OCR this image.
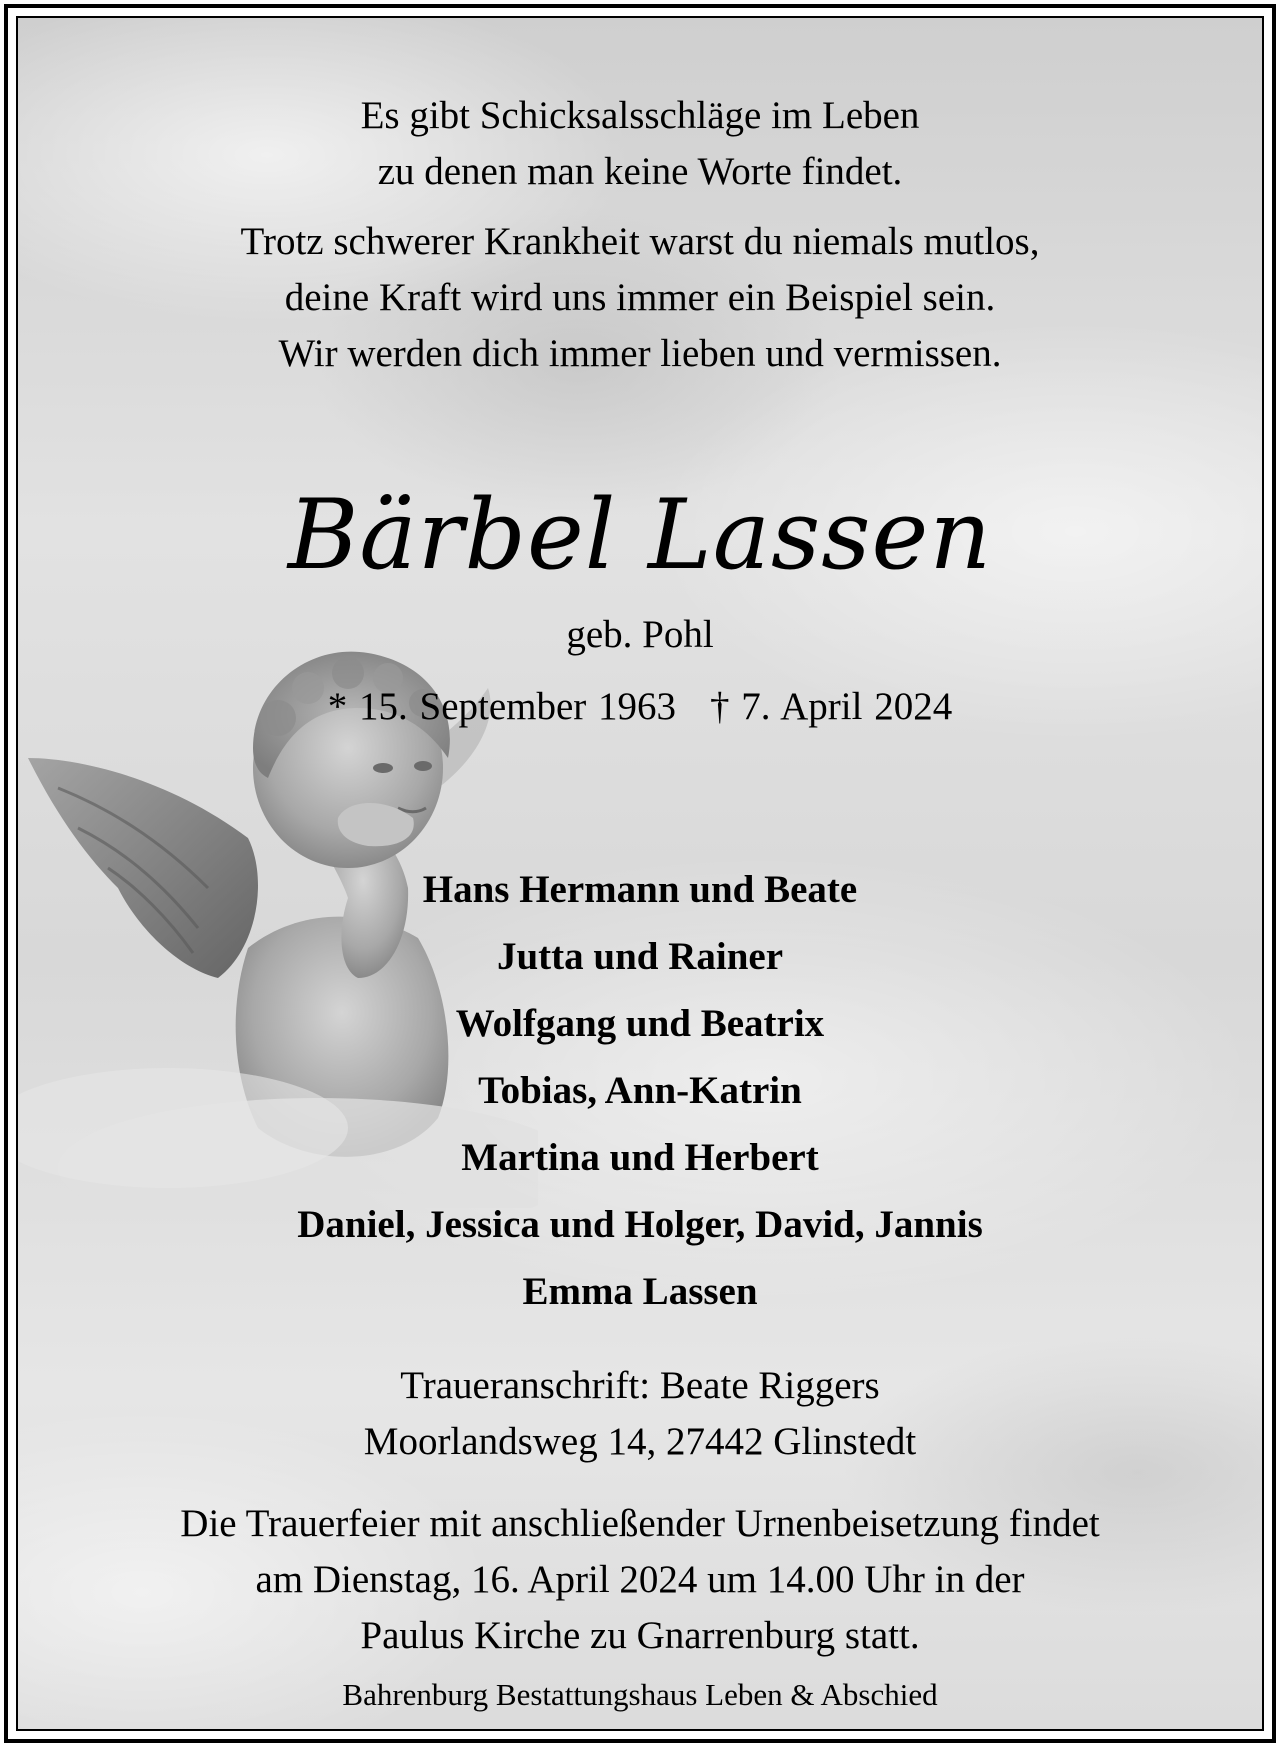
Es gibt Schicksalsschläge im Leben

zu denen man keine Worte findet.

Trotz schwerer Krankheit warst du niemals mutlos,

deine Kraft wird uns immer ein Beispiel sein.

Wir werden dich immer lieben und vermissen.

Bärbel Lassen
geb. Pohl
* 15. September 1963 † 7. April 2024
Hans Hermann und Beate
Jutta und Rainer
Wolfgang und Beatrix
Tobias, Ann-Katrin
Martina und Herbert
Daniel, Jessica und Holger, David, Jannis
Emma Lassen
Traueranschrift: Beate Riggers
Moorlandsweg 14, 27442 Glinstedt
Die Trauerfeier mit anschließender Urnenbeisetzung findet
am Dienstag, 16. April 2024 um 14.00 Uhr in der
Paulus Kirche zu Gnarrenburg statt.
Bahrenburg Bestattungshaus Leben & Abschied
